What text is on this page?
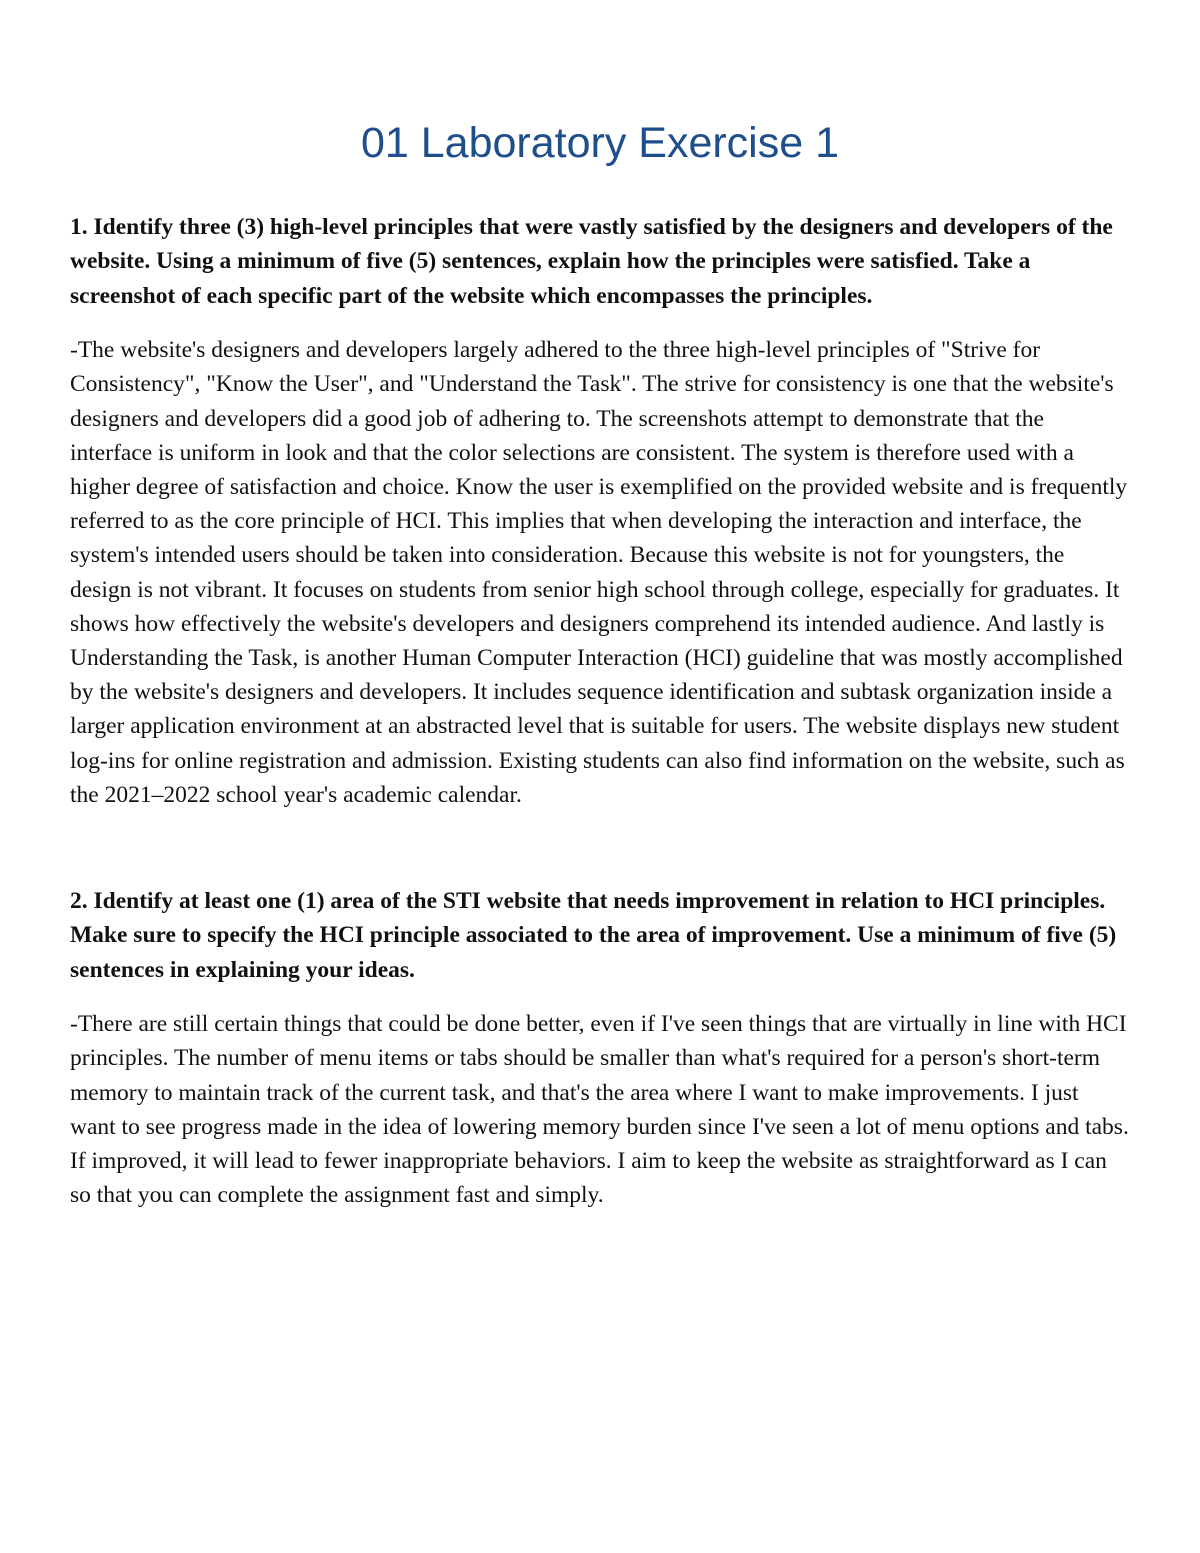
01 Laboratory Exercise 1

1. Identify three (3) high-level principles that were vastly satisfied by the designers and developers of the website. Using a minimum of five (5) sentences, explain how the principles were satisfied. Take a screenshot of each specific part of the website which encompasses the principles.

-The website's designers and developers largely adhered to the three high-level principles of "Strive for Consistency", "Know the User", and "Understand the Task". The strive for consistency is one that the website's designers and developers did a good job of adhering to. The screenshots attempt to demonstrate that the interface is uniform in look and that the color selections are consistent. The system is therefore used with a higher degree of satisfaction and choice. Know the user is exemplified on the provided website and is frequently referred to as the core principle of HCI. This implies that when developing the interaction and interface, the system's intended users should be taken into consideration. Because this website is not for youngsters, the design is not vibrant. It focuses on students from senior high school through college, especially for graduates. It shows how effectively the website's developers and designers comprehend its intended audience. And lastly is Understanding the Task, is another Human Computer Interaction (HCI) guideline that was mostly accomplished by the website's designers and developers. It includes sequence identification and subtask organization inside a larger application environment at an abstracted level that is suitable for users. The website displays new student log-ins for online registration and admission. Existing students can also find information on the website, such as the 2021–2022 school year's academic calendar.

2. Identify at least one (1) area of the STI website that needs improvement in relation to HCI principles. Make sure to specify the HCI principle associated to the area of improvement. Use a minimum of five (5) sentences in explaining your ideas.

-There are still certain things that could be done better, even if I've seen things that are virtually in line with HCI principles. The number of menu items or tabs should be smaller than what's required for a person's short-term memory to maintain track of the current task, and that's the area where I want to make improvements. I just want to see progress made in the idea of lowering memory burden since I've seen a lot of menu options and tabs. If improved, it will lead to fewer inappropriate behaviors. I aim to keep the website as straightforward as I can so that you can complete the assignment fast and simply.
